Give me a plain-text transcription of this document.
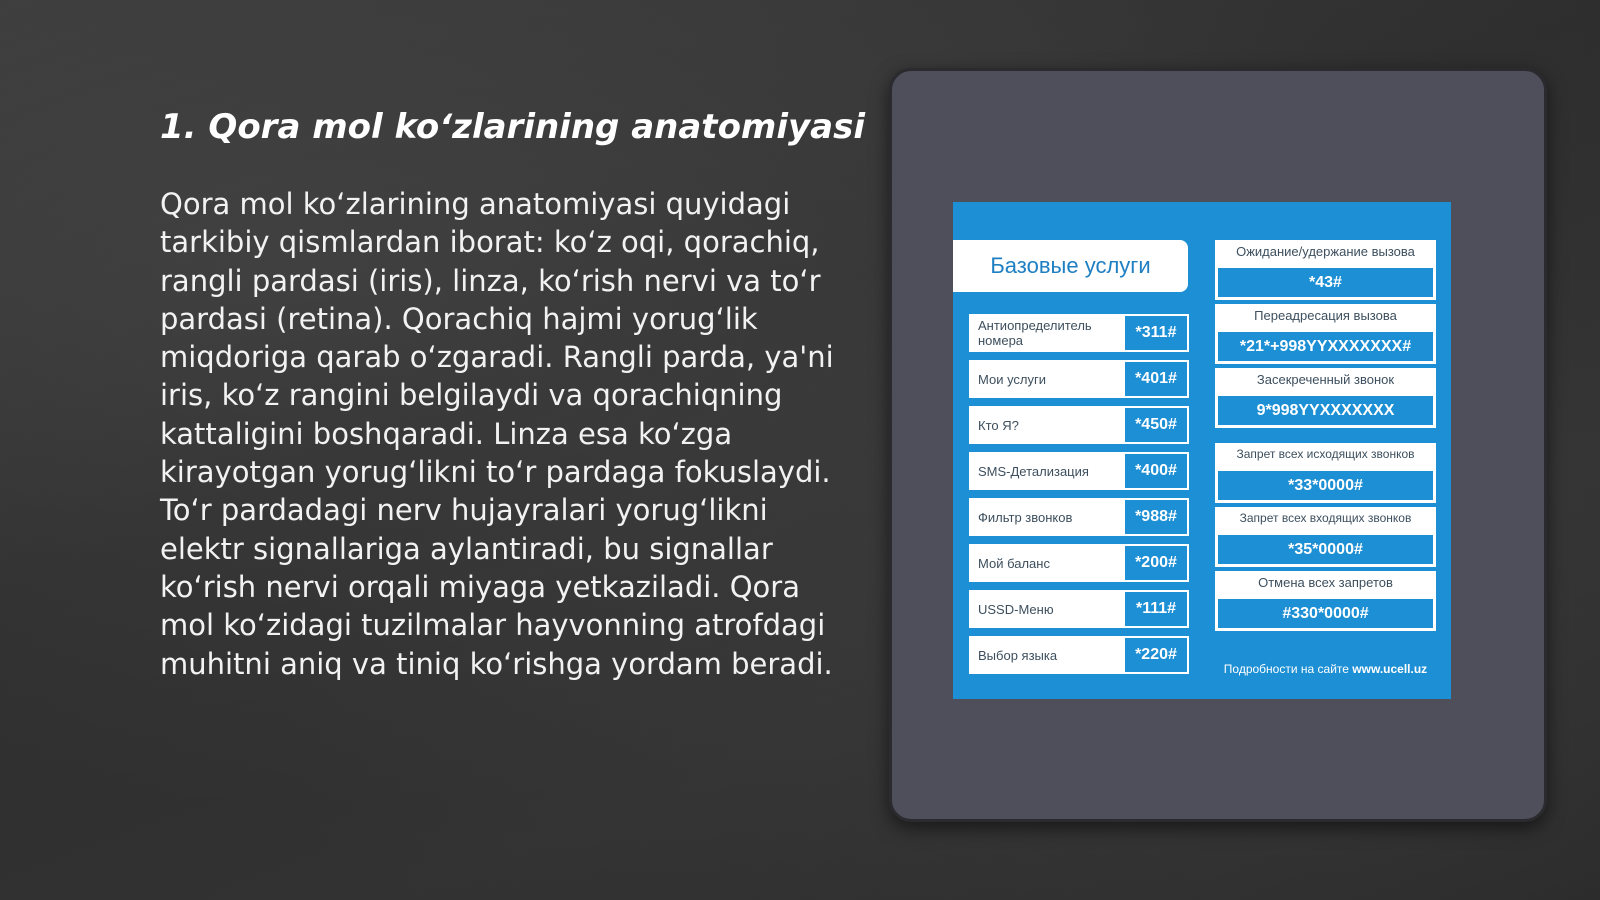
1. Qora mol ko‘zlarining anatomiyasi

Qora mol ko‘zlarining anatomiyasi quyidagi tarkibiy qismlardan iborat: ko‘z oqi, qorachiq, rangli pardasi (iris), linza, ko‘rish nervi va to‘r pardasi (retina). Qorachiq hajmi yorug‘lik miqdoriga qarab o‘zgaradi. Rangli parda, ya'ni iris, ko‘z rangini belgilaydi va qorachiqning kattaligini boshqaradi. Linza esa ko‘zga kirayotgan yorug‘likni to‘r pardaga fokuslaydi. To‘r pardadagi nerv hujayralari yorug‘likni elektr signallariga aylantiradi, bu signallar ko‘rish nervi orqali miyaga yetkaziladi. Qora mol ko‘zidagi tuzilmalar hayvonning atrofdagi muhitni aniq va tiniq ko‘rishga yordam beradi.

Базовые услуги
Антиопределитель номера	*311#
Мои услуги	*401#
Кто Я?	*450#
SMS-Детализация	*400#
Фильтр звонков	*988#
Мой баланс	*200#
USSD-Меню	*111#
Выбор языка	*220#
Ожидание/удержание вызова
*43#
Переадресация вызова
*21*+998YYXXXXXXX#
Засекреченный звонок
9*998YYXXXXXXX
Запрет всех исходящих звонков
*33*0000#
Запрет всех входящих звонков
*35*0000#
Отмена всех запретов
#330*0000#
Подробности на сайте www.ucell.uz
